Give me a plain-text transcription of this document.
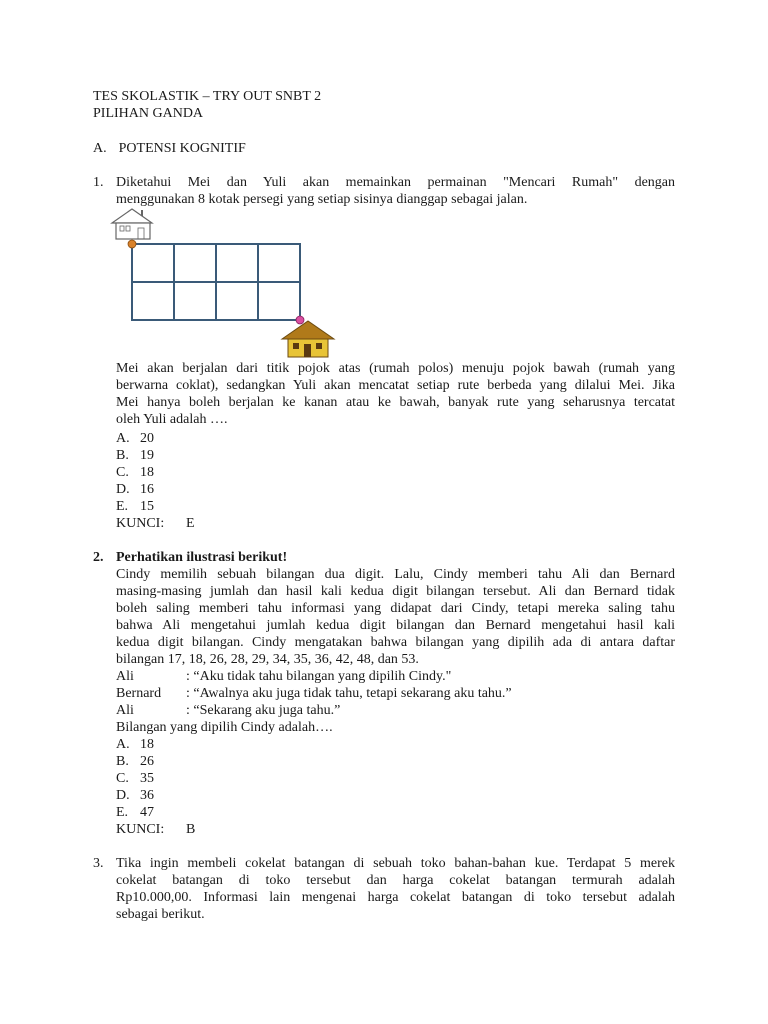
TES SKOLASTIK – TRY OUT SNBT 2
PILIHAN GANDA
A. POTENSI KOGNITIF
1. Diketahui Mei dan Yuli akan memainkan permainan "Mencari Rumah" dengan

menggunakan 8 kotak persegi yang setiap sisinya dianggap sebagai jalan.

Mei akan berjalan dari titik pojok atas (rumah polos) menuju pojok bawah (rumah yang

berwarna coklat), sedangkan Yuli akan mencatat setiap rute berbeda yang dilalui Mei. Jika

Mei hanya boleh berjalan ke kanan atau ke bawah, banyak rute yang seharusnya tercatat

oleh Yuli adalah ….

A. 20
B. 19
C. 18
D. 16
E. 15
KUNCI: E
2. Perhatikan ilustrasi berikut!

Cindy memilih sebuah bilangan dua digit. Lalu, Cindy memberi tahu Ali dan Bernard

masing-masing jumlah dan hasil kali kedua digit bilangan tersebut. Ali dan Bernard tidak

boleh saling memberi tahu informasi yang didapat dari Cindy, tetapi mereka saling tahu

bahwa Ali mengetahui jumlah kedua digit bilangan dan Bernard mengetahui hasil kali

kedua digit bilangan. Cindy mengatakan bahwa bilangan yang dipilih ada di antara daftar

bilangan 17, 18, 26, 28, 29, 34, 35, 36, 42, 48, dan 53.

Ali	: “Aku tidak tahu bilangan yang dipilih Cindy."
Bernard : “Awalnya aku juga tidak tahu, tetapi sekarang aku tahu.”
Ali	: “Sekarang aku juga tahu.”

Bilangan yang dipilih Cindy adalah….

A. 18
B. 26
C. 35
D. 36
E. 47
KUNCI: B
3. Tika ingin membeli cokelat batangan di sebuah toko bahan-bahan kue. Terdapat 5 merek

cokelat batangan di toko tersebut dan harga cokelat batangan termurah adalah

Rp10.000,00. Informasi lain mengenai harga cokelat batangan di toko tersebut adalah

sebagai berikut.
